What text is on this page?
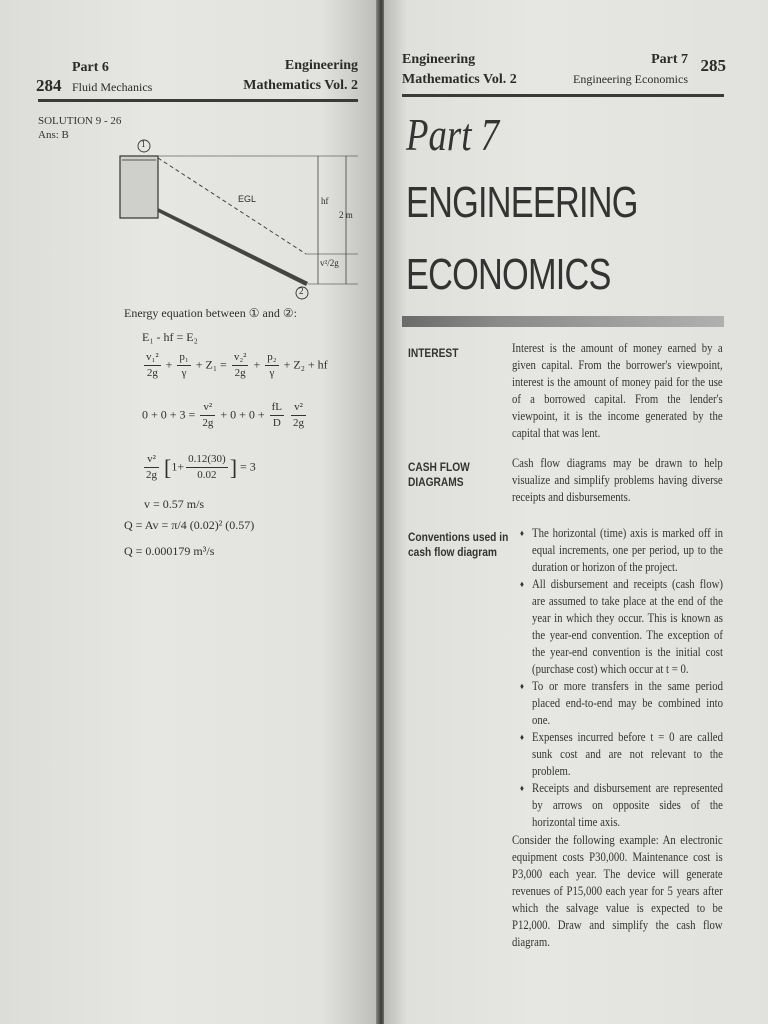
Part 6
284 Fluid Mechanics
Engineering
Mathematics Vol. 2
SOLUTION 9 - 26
Ans: B
1
2
EGL	hf
2 m
v²/2g
Energy equation between ① and ②:
E₁ - hf = E₂
$\frac{\text{v₁²}}{2g} + \frac{\text{p₁}}{\gamma} + Z_1 = \frac{\text{v₂²}}{2g} + \frac{\text{p₂}}{\gamma} + Z_2$ + hf
$0 + 0 + 3 = \frac{\text{v²}}{2g} + 0 + 0 + \frac{fL}{D}$
$\frac{\text{v²}}{2g}$
$\frac{\text{v²}}{2g} [1+ \frac{0.12(30)}{0.02}$ ] = 3
v = 0.57 m/s
Q = Av = π/4 (0.02)² (0.57)
Q = 0.000179 m³/s
Engineering
Mathematics Vol. 2
Part 7 285
Engineering Economics
Part 7
ENGINEERING
ECONOMICS
INTEREST	Interest is the amount of money earned by a given capital. From the borrower's viewpoint, interest is the amount of money paid for the use of a borrowed capital. From the lender's viewpoint, it is the income generated by the capital that was lent.
CASH FLOW
DIAGRAMS
Cash flow diagrams may be drawn to help visualize and simplify problems having diverse receipts and disbursements.
Conventions used in
cash flow diagram
♦ The horizontal (time) axis is marked off in equal increments, one per period, up to the duration or horizon of the project.
♦ All disbursement and receipts (cash flow) are assumed to take place at the end of the year in which they occur. This is known as the year-end convention. The exception of the year-end convention is the initial cost (purchase cost) which occur at t = 0.
♦ To or more transfers in the same period placed end-to-end may be combined into one.
♦ Expenses incurred before t = 0 are called sunk cost and are not relevant to the problem.
♦ Receipts and disbursement are represented by arrows on opposite sides of the horizontal time axis.
Consider the following example: An electronic equipment costs P30,000. Maintenance cost is P3,000 each year. The device will generate revenues of P15,000 each year for 5 years after which the salvage value is expected to be P12,000. Draw and simplify the cash flow diagram.
